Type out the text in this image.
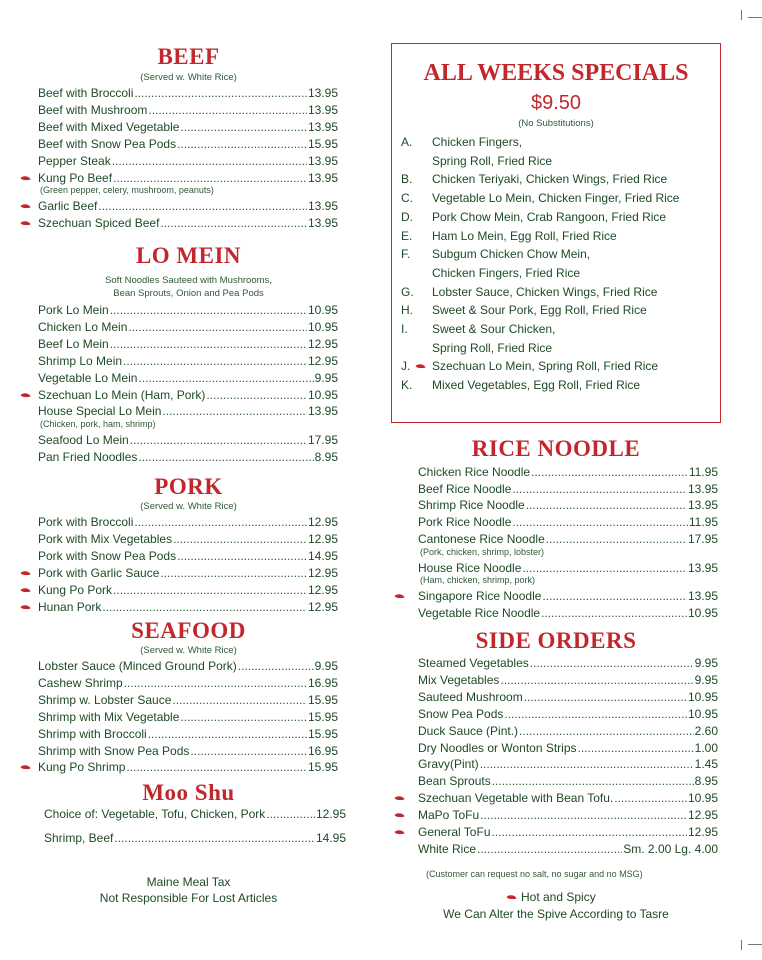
BEEF
(Served w. White Rice)
Beef with Broccoli .....	13.95
Beef with Mushroom .....	13.95
Beef with Mixed Vegetable .....	13.95
Beef with Snow Pea Pods .....	15.95
Pepper Steak .....	13.95
Kung Po Beef .....	13.95
(Green pepper, celery, mushroom, peanuts)
Garlic Beef .....	13.95
Szechuan Spiced Beef .....	13.95
LO MEIN
Soft Noodles Sauteed with Mushrooms,
Bean Sprouts, Onion and Pea Pods
Pork Lo Mein .....	10.95
Chicken Lo Mein .....	10.95
Beef Lo Mein .....	12.95
Shrimp Lo Mein .....	12.95
Vegetable Lo Mein .....	9.95
Szechuan Lo Mein (Ham, Pork) .....	10.95
House Special Lo Mein .....	13.95
(Chicken, pork, ham, shrimp)
Seafood Lo Mein .....	17.95
Pan Fried Noodles .....	8.95
PORK
(Served w. White Rice)
Pork with Broccoli .....	12.95
Pork with Mix Vegetables .....	12.95
Pork with Snow Pea Pods .....	14.95
Pork with Garlic Sauce .....	12.95
Kung Po Pork .....	12.95
Hunan Pork .....	12.95
SEAFOOD
(Served w. White Rice)
Lobster Sauce (Minced Ground Pork) .....	9.95
Cashew Shrimp .....	16.95
Shrimp w. Lobster Sauce .....	15.95
Shrimp with Mix Vegetable .....	15.95
Shrimp with Broccoli .....	15.95
Shrimp with Snow Pea Pods .....	16.95
Kung Po Shrimp .....	15.95
Moo Shu
Choice of: Vegetable, Tofu, Chicken, Pork .....	12.95
Shrimp, Beef .....	14.95
Maine Meal Tax
Not Responsible For Lost Articles
ALL WEEKS SPECIALS
$9.50
(No Substitutions)
A. Chicken Fingers,
Spring Roll, Fried Rice
B. Chicken Teriyaki, Chicken Wings, Fried Rice
C. Vegetable Lo Mein, Chicken Finger, Fried Rice
D. Pork Chow Mein, Crab Rangoon, Fried Rice
E. Ham Lo Mein, Egg Roll, Fried Rice
F. Subgum Chicken Chow Mein,
Chicken Fingers, Fried Rice
G. Lobster Sauce, Chicken Wings, Fried Rice
H. Sweet & Sour Pork, Egg Roll, Fried Rice
I. Sweet & Sour Chicken,
Spring Roll, Fried Rice
J. Szechuan Lo Mein, Spring Roll, Fried Rice
K. Mixed Vegetables, Egg Roll, Fried Rice
RICE NOODLE
Chicken Rice Noodle .....	11.95
Beef Rice Noodle .....	13.95
Shrimp Rice Noodle .....	13.95
Pork Rice Noodle .....	11.95
Cantonese Rice Noodle .....	17.95
(Pork, chicken, shrimp, lobster)
House Rice Noodle .....	13.95
(Ham, chicken, shrimp, pork)
Singapore Rice Noodle .....	13.95
Vegetable Rice Noodle .....	10.95
SIDE ORDERS
Steamed Vegetables .....	9.95
Mix Vegetables .....	9.95
Sauteed Mushroom .....	10.95
Snow Pea Pods .....	10.95
Duck Sauce (Pint.) .....	2.60
Dry Noodles or Wonton Strips .....	1.00
Gravy(Pint) .....	1.45
Bean Sprouts .....	8.95
Szechuan Vegetable with Bean Tofu. .....	10.95
MaPo ToFu .....	12.95
General ToFu .....	12.95
White Rice .....	Sm. 2.00 Lg. 4.00
(Customer can request no salt, no sugar and no MSG)
Hot and Spicy
We Can Alter the Spive According to Tasre
